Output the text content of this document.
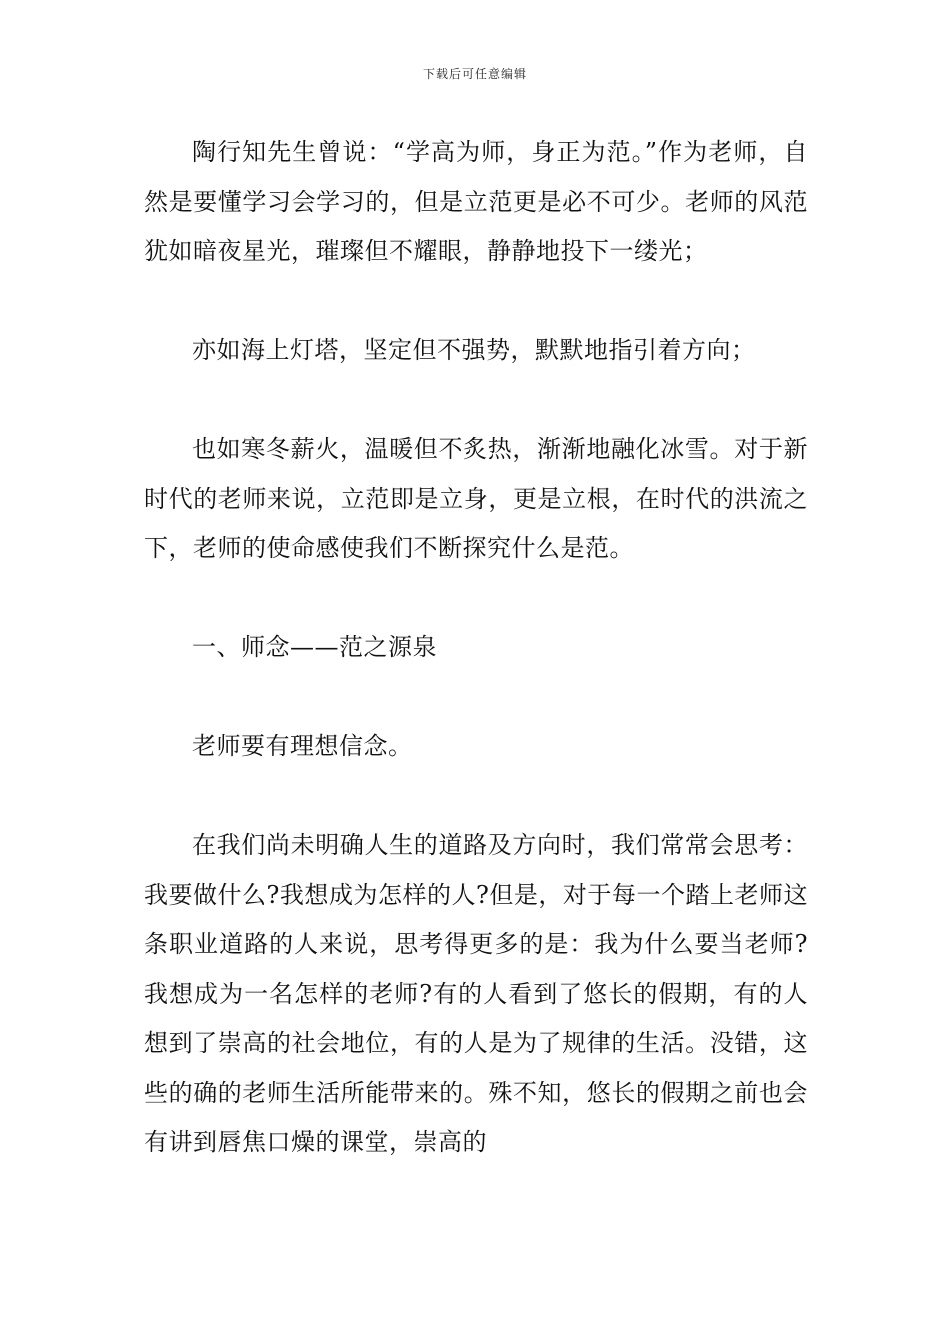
下载后可任意编辑

陶行知先生曾说：“学高为师，身正为范。”作为老师，自然是要懂学习会学习的，但是立范更是必不可少。老师的风范犹如暗夜星光，璀璨但不耀眼，静静地投下一缕光；

亦如海上灯塔，坚定但不强势，默默地指引着方向；

也如寒冬薪火，温暖但不炙热，渐渐地融化冰雪。对于新时代的老师来说，立范即是立身，更是立根，在时代的洪流之下，老师的使命感使我们不断探究什么是范。

一、师念——范之源泉

老师要有理想信念。

在我们尚未明确人生的道路及方向时，我们常常会思考：我要做什么?我想成为怎样的人?但是，对于每一个踏上老师这条职业道路的人来说，思考得更多的是：我为什么要当老师?我想成为一名怎样的老师?有的人看到了悠长的假期，有的人想到了崇高的社会地位，有的人是为了规律的生活。没错，这些的确的老师生活所能带来的。殊不知，悠长的假期之前也会有讲到唇焦口燥的课堂，崇高的
